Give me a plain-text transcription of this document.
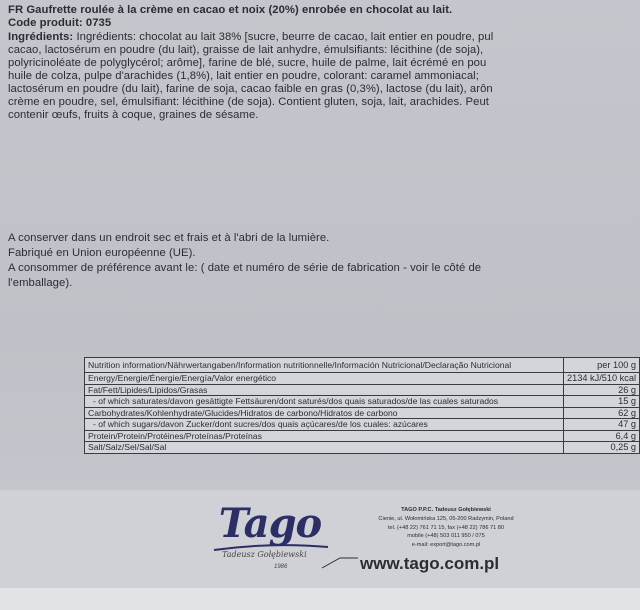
FR Gaufrette roulée à la crème en cacao et noix (20%) enrobée en chocolat au lait.
Code produit: 0735
Ingrédients: Ingrédients: chocolat au lait 38% [sucre, beurre de cacao, lait entier en poudre, pul
cacao, lactosérum en poudre (du lait), graisse de lait anhydre, émulsifiants: lécithine (de soja),
polyricinoléate de polyglycérol; arôme], farine de blé, sucre, huile de palme, lait écrémé en pou
huile de colza, pulpe d'arachides (1,8%), lait entier en poudre, colorant: caramel ammoniacal;
lactosérum en poudre (du lait), farine de soja, cacao faible en gras (0,3%), lactose (du lait), arôn
crème en poudre, sel, émulsifiant: lécithine (de soja). Contient gluten, soja, lait, arachides. Peut
contenir œufs, fruits à coque, graines de sésame.
A conserver dans un endroit sec et frais et à l'abri de la lumière.
Fabriqué en Union européenne (UE).
A consommer de préférence avant le: ( date et numéro de série de fabrication - voir le côté de
l'emballage).
Nutrition information/Nährwertangaben/Information nutritionnelle/Información Nutricional/Declaração Nutricional	per 100 g
Energy/Energie/Énergie/Energía/Valor energético	2134 kJ/510 kcal
Fat/Fett/Lipides/Lípidos/Grasas	26 g
- of which saturates/davon gesättigte Fettsäuren/dont saturés/dos quais saturados/de las cuales saturados	15 g
Carbohydrates/Kohlenhydrate/Glucides/Hidratos de carbono/Hidratos de carbono	62 g
- of which sugars/davon Zucker/dont sucres/dos quais açúcares/de los cuales: azúcares	47 g
Protein/Protein/Protéines/Proteínas/Proteínas	6,4 g
Salt/Salz/Sel/Sal/Sal	0,25 g
Tago
Tadeusz Gołębiewski
1986
TAGO P.P.C. Tadeusz Gołębiewski
Cienie, ul. Wołomińska 125, 05-200 Radzymin, Poland
tel. (+48 22) 761 71 15, fax (+48 22) 786 71 80
mobile (+48) 503 011 950 / 075
e-mail: export@tago.com.pl
www.tago.com.pl
